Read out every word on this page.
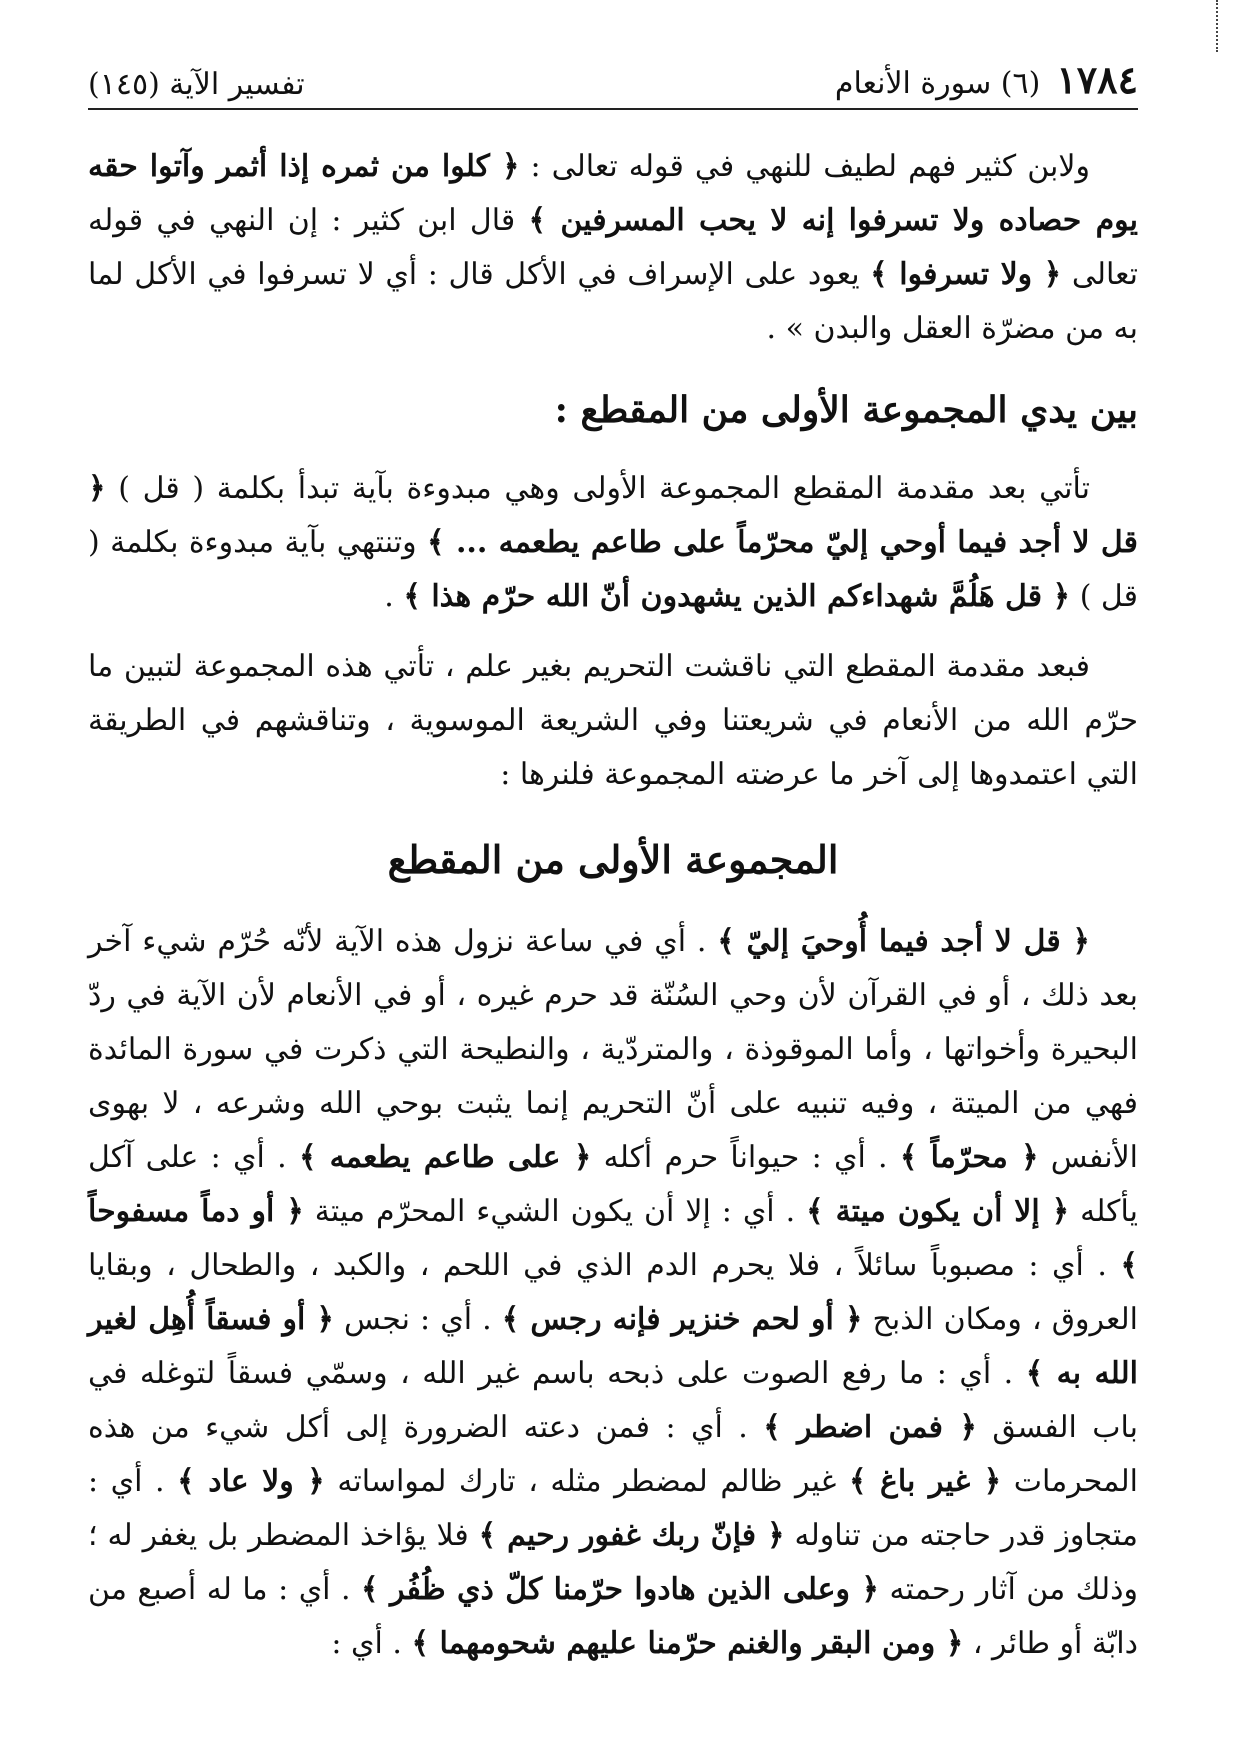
١٧٨٤(٦) سورة الأنعام
تفسير الآية (١٤٥)

ولابن كثير فهم لطيف للنهي في قوله تعالى : ﴿ كلوا من ثمره إذا أثمر وآتوا حقه يوم حصاده ولا تسرفوا إنه لا يحب المسرفين ﴾ قال ابن كثير : إن النهي في قوله تعالى ﴿ ولا تسرفوا ﴾ يعود على الإسراف في الأكل قال : أي لا تسرفوا في الأكل لما به من مضرّة العقل والبدن » .

بين يدي المجموعة الأولى من المقطع :

تأتي بعد مقدمة المقطع المجموعة الأولى وهي مبدوءة بآية تبدأ بكلمة ( قل ) ﴿ قل لا أجد فيما أوحي إليّ محرّماً على طاعم يطعمه ... ﴾ وتنتهي بآية مبدوءة بكلمة ( قل ) ﴿ قل هَلُمَّ شهداءكم الذين يشهدون أنّ الله حرّم هذا ﴾ .

فبعد مقدمة المقطع التي ناقشت التحريم بغير علم ، تأتي هذه المجموعة لتبين ما حرّم الله من الأنعام في شريعتنا وفي الشريعة الموسوية ، وتناقشهم في الطريقة التي اعتمدوها إلى آخر ما عرضته المجموعة فلنرها :

المجموعة الأولى من المقطع

﴿ قل لا أجد فيما أُوحيَ إليّ ﴾ . أي في ساعة نزول هذه الآية لأنّه حُرّم شيء آخر بعد ذلك ، أو في القرآن لأن وحي السُنّة قد حرم غيره ، أو في الأنعام لأن الآية في ردّ البحيرة وأخواتها ، وأما الموقوذة ، والمتردّية ، والنطيحة التي ذكرت في سورة المائدة فهي من الميتة ، وفيه تنبيه على أنّ التحريم إنما يثبت بوحي الله وشرعه ، لا بهوى الأنفس ﴿ محرّماً ﴾ . أي : حيواناً حرم أكله ﴿ على طاعم يطعمه ﴾ . أي : على آكل يأكله ﴿ إلا أن يكون ميتة ﴾ . أي : إلا أن يكون الشيء المحرّم ميتة ﴿ أو دماً مسفوحاً ﴾ . أي : مصبوباً سائلاً ، فلا يحرم الدم الذي في اللحم ، والكبد ، والطحال ، وبقايا العروق ، ومكان الذبح ﴿ أو لحم خنزير فإنه رجس ﴾ . أي : نجس ﴿ أو فسقاً أُهِل لغير الله به ﴾ . أي : ما رفع الصوت على ذبحه باسم غير الله ، وسمّي فسقاً لتوغله في باب الفسق ﴿ فمن اضطر ﴾ . أي : فمن دعته الضرورة إلى أكل شيء من هذه المحرمات ﴿ غير باغ ﴾ غير ظالم لمضطر مثله ، تارك لمواساته ﴿ ولا عاد ﴾ . أي : متجاوز قدر حاجته من تناوله ﴿ فإنّ ربك غفور رحيم ﴾ فلا يؤاخذ المضطر بل يغفر له ؛ وذلك من آثار رحمته ﴿ وعلى الذين هادوا حرّمنا كلّ ذي ظُفُر ﴾ . أي : ما له أصبع من دابّة أو طائر ، ﴿ ومن البقر والغنم حرّمنا عليهم شحومهما ﴾ . أي :
